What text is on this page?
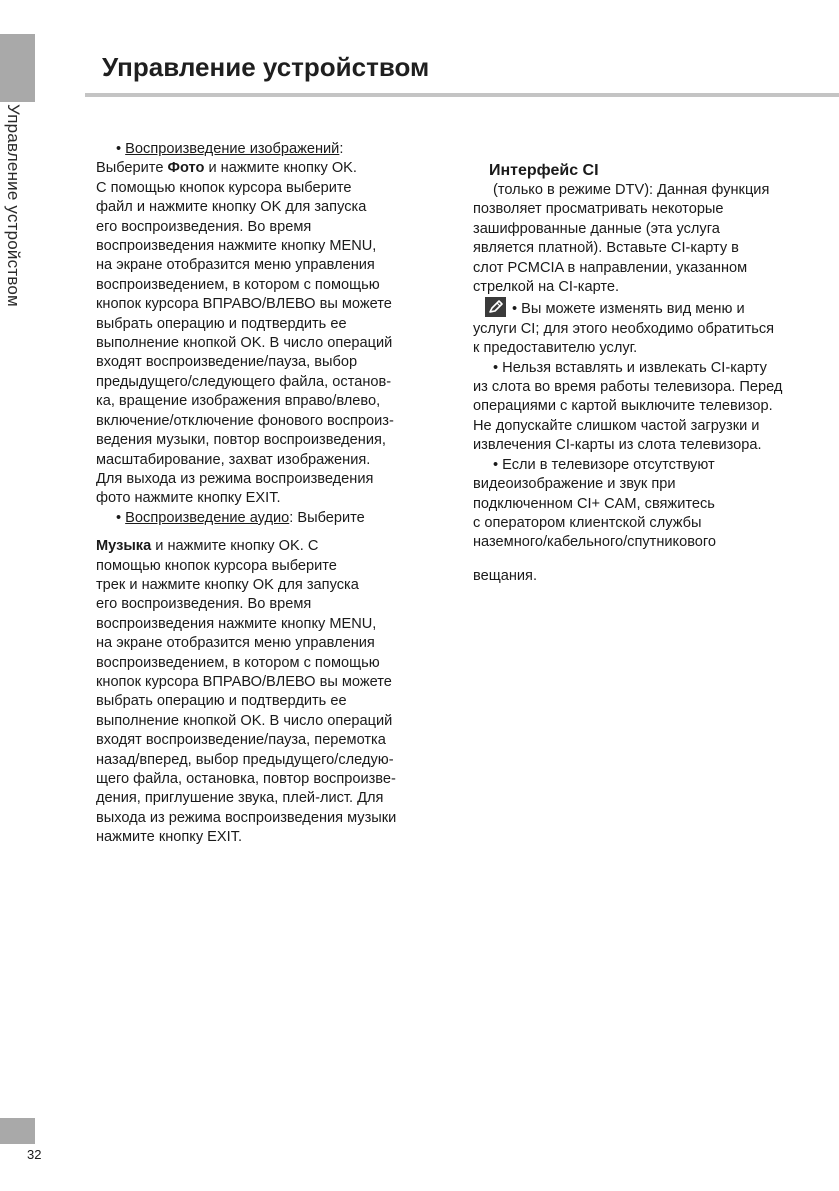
Управление устройством
Управление устройством

• Воспроизведение изображений:
Выберите Фото и нажмите кнопку OK.
С помощью кнопок курсора выберите
файл и нажмите кнопку OK для запуска
его воспроизведения. Во время
воспроизведения нажмите кнопку MENU,
на экране отобразится меню управления
воспроизведением, в котором с помощью
кнопок курсора ВПРАВО/ВЛЕВО вы можете
выбрать операцию и подтвердить ее
выполнение кнопкой OK. В число операций
входят воспроизведение/пауза, выбор
предыдущего/следующего файла, останов-
ка, вращение изображения вправо/влево,
включение/отключение фонового воспроиз-
ведения музыки, повтор воспроизведения,
масштабирование, захват изображения.
Для выхода из режима воспроизведения
фото нажмите кнопку EXIT.

• Воспроизведение аудио: Выберите
Музыка и нажмите кнопку OK. С
помощью кнопок курсора выберите
трек и нажмите кнопку OK для запуска
его воспроизведения. Во время
воспроизведения нажмите кнопку MENU,
на экране отобразится меню управления
воспроизведением, в котором с помощью
кнопок курсора ВПРАВО/ВЛЕВО вы можете
выбрать операцию и подтвердить ее
выполнение кнопкой OK. В число операций
входят воспроизведение/пауза, перемотка
назад/вперед, выбор предыдущего/следую-
щего файла, остановка, повтор воспроизве-
дения, приглушение звука, плей-лист. Для
выхода из режима воспроизведения музыки
нажмите кнопку EXIT.

Интерфейс CI

(только в режиме DTV): Данная функция
позволяет просматривать некоторые
зашифрованные данные (эта услуга
является платной). Вставьте CI-карту в
слот PCMCIA в направлении, указанном
стрелкой на CI-карте.

• Вы можете изменять вид меню и
услуги CI; для этого необходимо обратиться
к предоставителю услуг.

• Нельзя вставлять и извлекать CI-карту
из слота во время работы телевизора. Перед
операциями с картой выключите телевизор.
Не допускайте слишком частой загрузки и
извлечения CI-карты из слота телевизора.

• Если в телевизоре отсутствуют
видеоизображение и звук при
подключенном CI+ CAM, свяжитесь
с оператором клиентской службы
наземного/кабельного/спутникового
вещания.

32
